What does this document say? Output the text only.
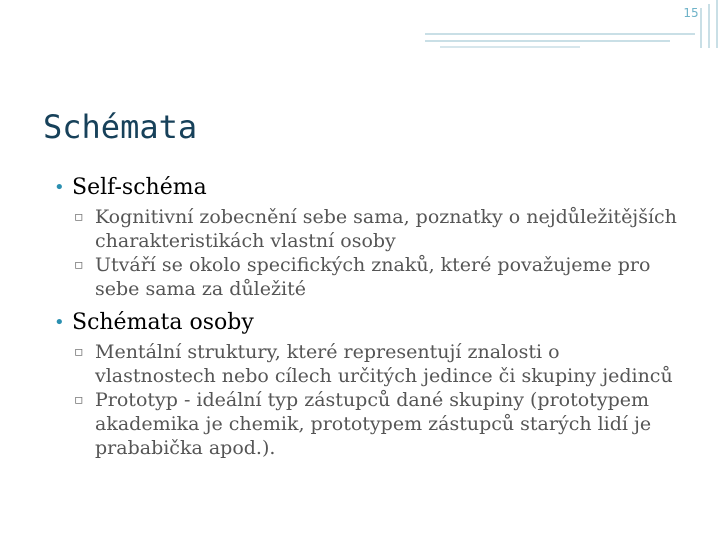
15
Schémata
• Self-schéma
▫ Kognitivní zobecnění sebe sama, poznatky o nejdůležitějších charakteristikách vlastní osoby
▫ Utváří se okolo specifických znaků, které považujeme pro sebe sama za důležité
• Schémata osoby
▫ Mentální struktury, které representují znalosti o vlastnostech nebo cílech určitých jedince či skupiny jedinců
▫ Prototyp - ideální typ zástupců dané skupiny (prototypem akademika je chemik, prototypem zástupců starých lidí je prababička apod.).
